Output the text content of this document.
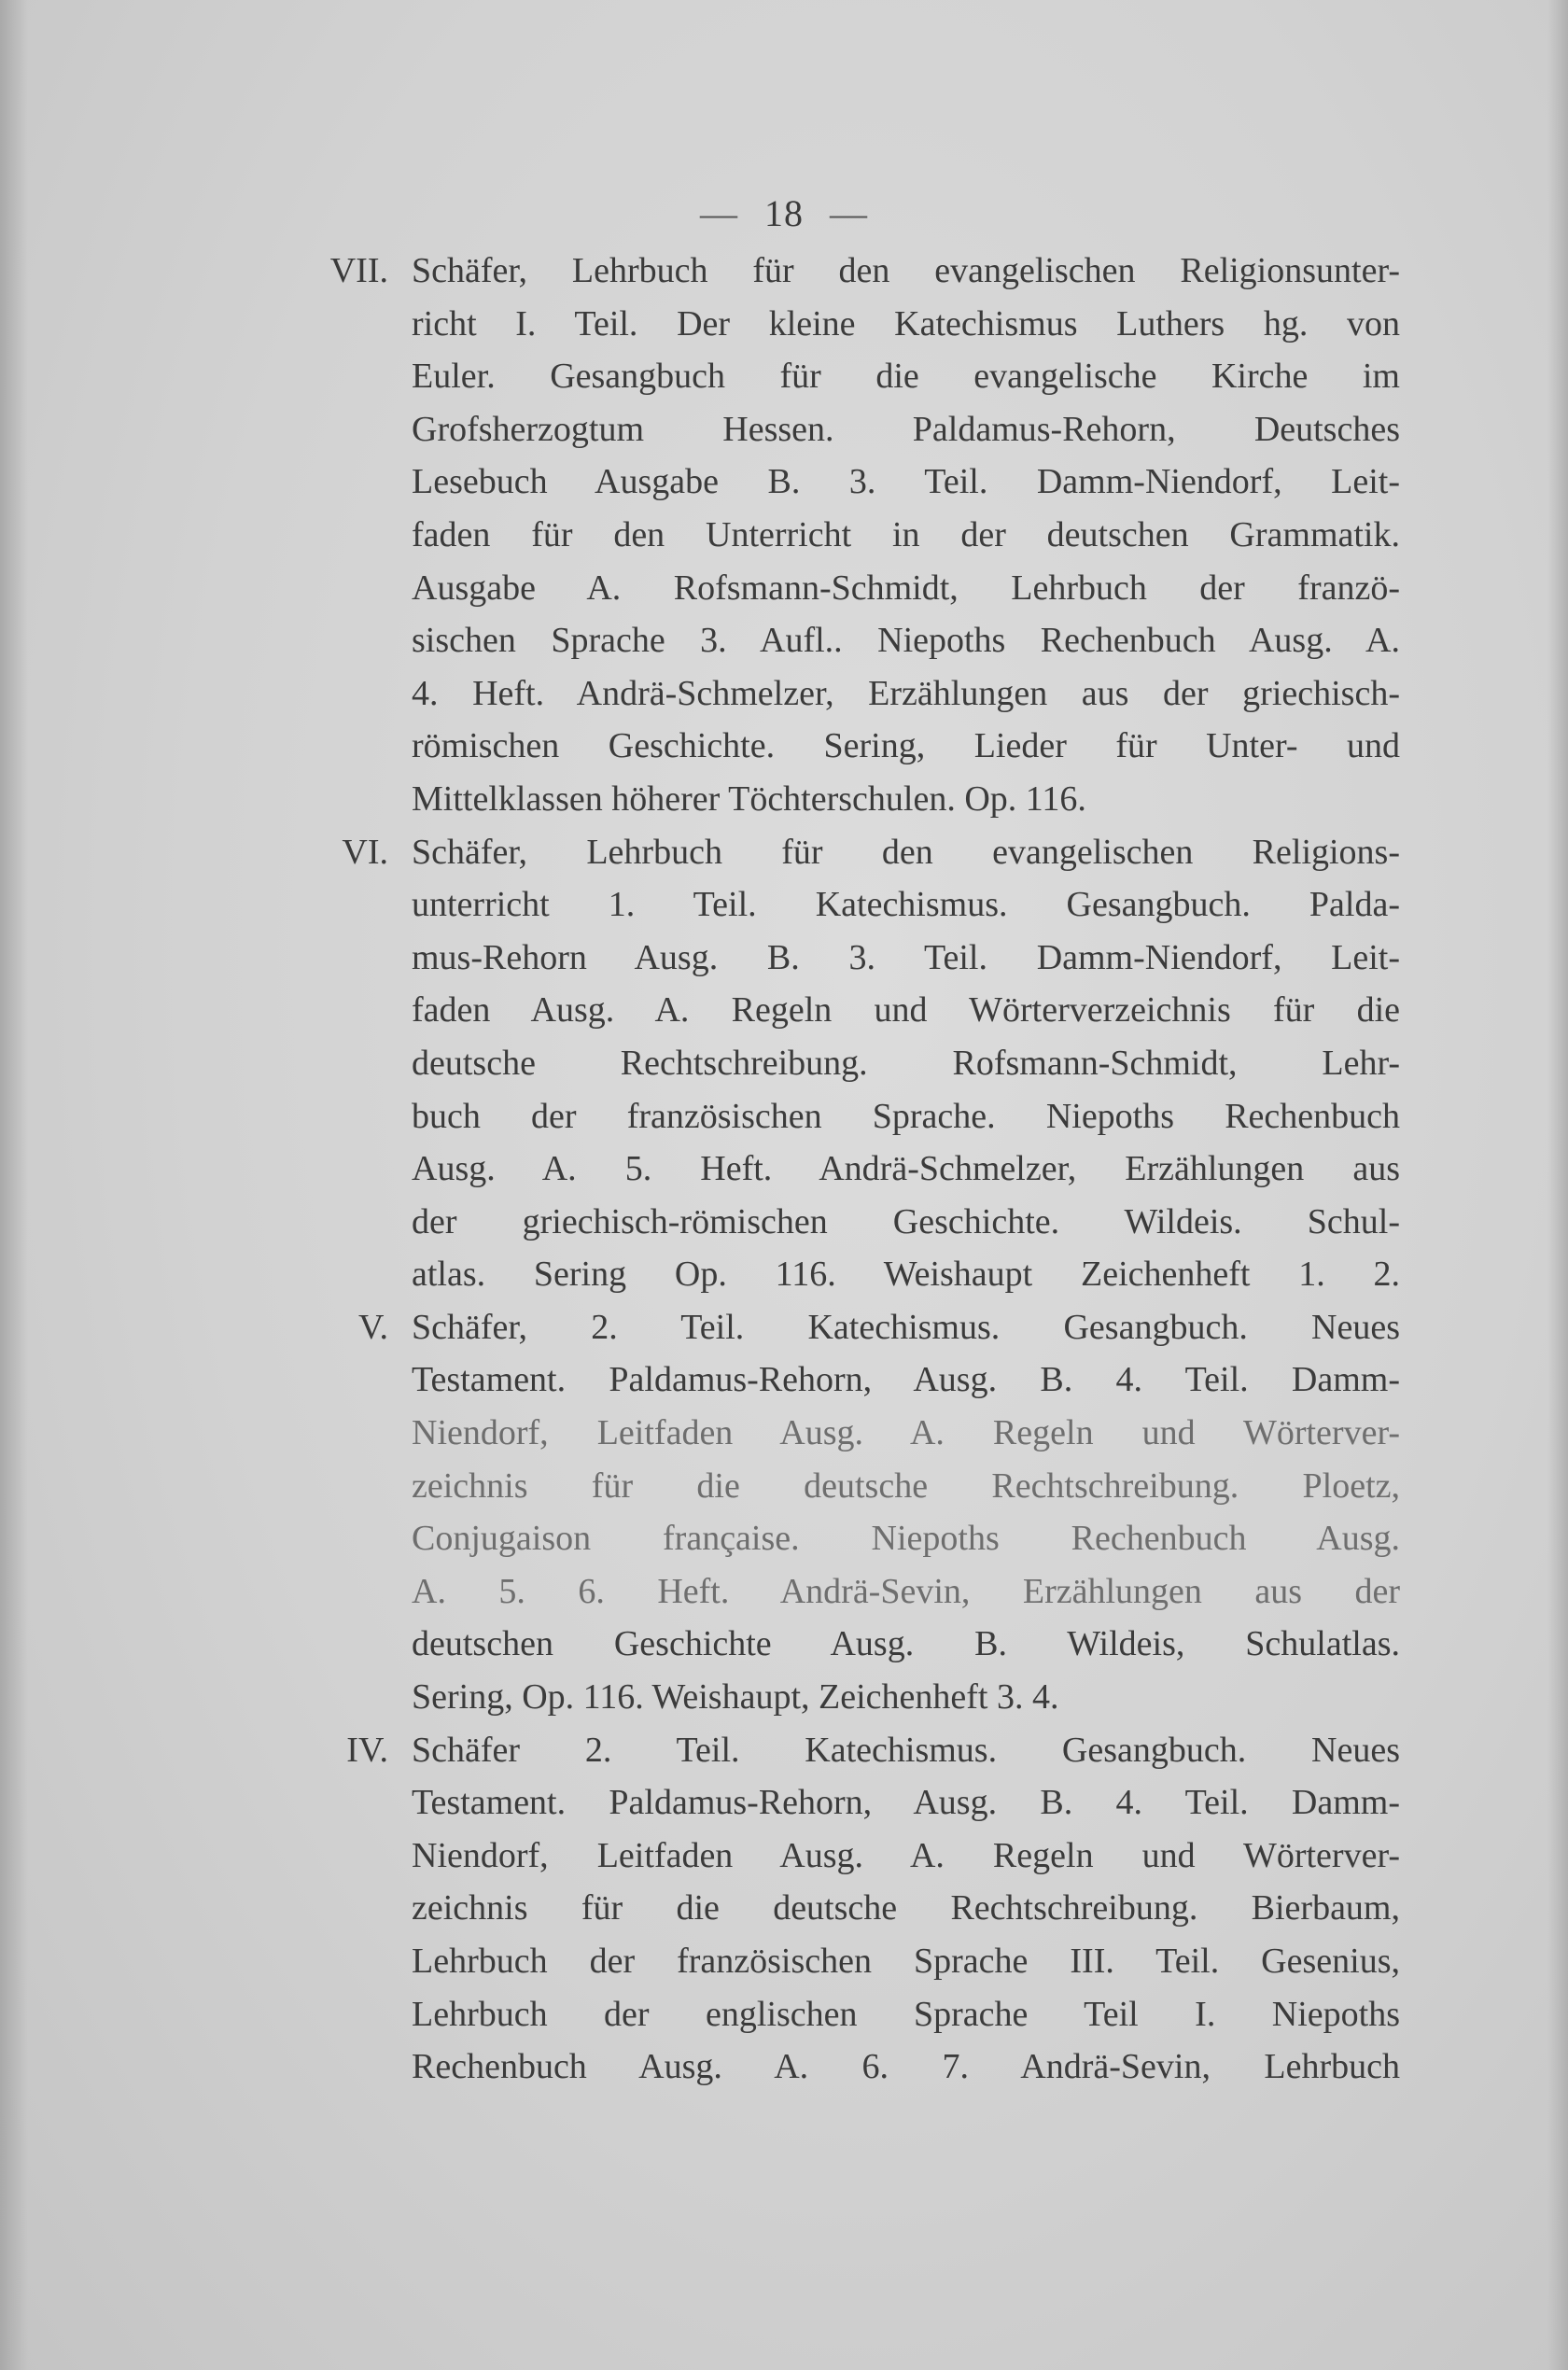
— 18 —
VII. Schäfer, Lehrbuch für den evangelischen Religionsunter-
richt I. Teil. Der kleine Katechismus Luthers hg. von
Euler. Gesangbuch für die evangelische Kirche im
Grofsherzogtum Hessen. Paldamus-Rehorn, Deutsches
Lesebuch Ausgabe B. 3. Teil. Damm-Niendorf, Leit-
faden für den Unterricht in der deutschen Grammatik.
Ausgabe A. Rofsmann-Schmidt, Lehrbuch der franzö-
sischen Sprache 3. Aufl.. Niepoths Rechenbuch Ausg. A.
4. Heft. Andrä-Schmelzer, Erzählungen aus der griechisch-
römischen Geschichte. Sering, Lieder für Unter- und
Mittelklassen höherer Töchterschulen. Op. 116.
VI. Schäfer, Lehrbuch für den evangelischen Religions-
unterricht 1. Teil. Katechismus. Gesangbuch. Palda-
mus-Rehorn Ausg. B. 3. Teil. Damm-Niendorf, Leit-
faden Ausg. A. Regeln und Wörterverzeichnis für die
deutsche Rechtschreibung. Rofsmann-Schmidt, Lehr-
buch der französischen Sprache. Niepoths Rechenbuch
Ausg. A. 5. Heft. Andrä-Schmelzer, Erzählungen aus
der griechisch-römischen Geschichte. Wildeis. Schul-
atlas. Sering Op. 116. Weishaupt Zeichenheft 1. 2.
V. Schäfer, 2. Teil. Katechismus. Gesangbuch. Neues
Testament. Paldamus-Rehorn, Ausg. B. 4. Teil. Damm-
Niendorf, Leitfaden Ausg. A. Regeln und Wörterver-
zeichnis für die deutsche Rechtschreibung. Ploetz,
Conjugaison française. Niepoths Rechenbuch Ausg.
A. 5. 6. Heft. Andrä-Sevin, Erzählungen aus der
deutschen Geschichte Ausg. B. Wildeis, Schulatlas.
Sering, Op. 116. Weishaupt, Zeichenheft 3. 4.
IV. Schäfer 2. Teil. Katechismus. Gesangbuch. Neues
Testament. Paldamus-Rehorn, Ausg. B. 4. Teil. Damm-
Niendorf, Leitfaden Ausg. A. Regeln und Wörterver-
zeichnis für die deutsche Rechtschreibung. Bierbaum,
Lehrbuch der französischen Sprache III. Teil. Gesenius,
Lehrbuch der englischen Sprache Teil I. Niepoths
Rechenbuch Ausg. A. 6. 7. Andrä-Sevin, Lehrbuch
